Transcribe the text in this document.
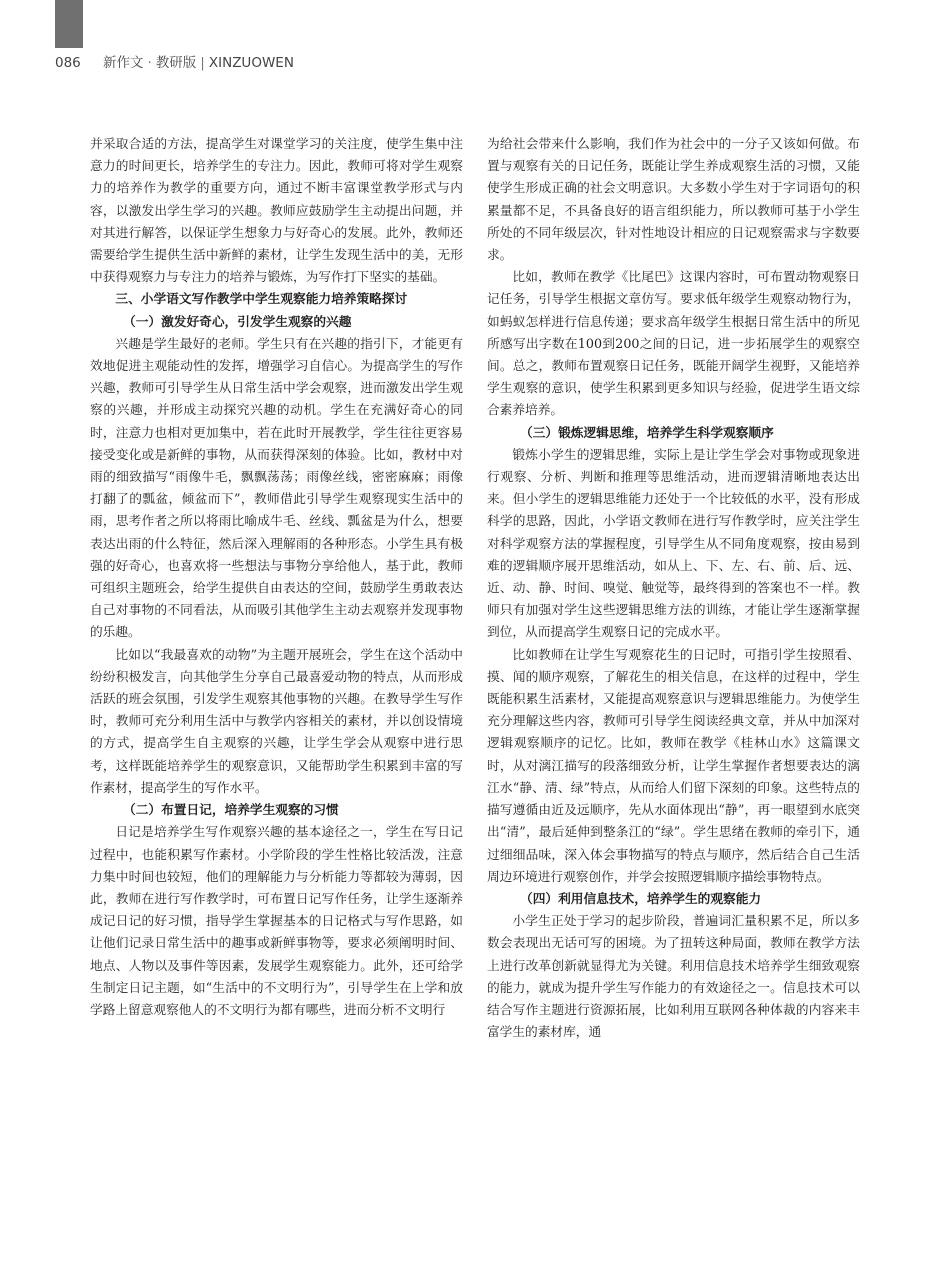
086 新作文 · 教研版 | XINZUOWEN

并采取合适的方法，提高学生对课堂学习的关注度，使学生集中注意力的时间更长，培养学生的专注力。因此，教师可将对学生观察力的培养作为教学的重要方向，通过不断丰富课堂教学形式与内容，以激发出学生学习的兴趣。教师应鼓励学生主动提出问题，并对其进行解答，以保证学生想象力与好奇心的发展。此外，教师还需要给学生提供生活中新鲜的素材，让学生发现生活中的美，无形中获得观察力与专注力的培养与锻炼，为写作打下坚实的基础。

三、小学语文写作教学中学生观察能力培养策略探讨

（一）激发好奇心，引发学生观察的兴趣

兴趣是学生最好的老师。学生只有在兴趣的指引下，才能更有效地促进主观能动性的发挥，增强学习自信心。为提高学生的写作兴趣，教师可引导学生从日常生活中学会观察，进而激发出学生观察的兴趣，并形成主动探究兴趣的动机。学生在充满好奇心的同时，注意力也相对更加集中，若在此时开展教学，学生往往更容易接受变化或是新鲜的事物，从而获得深刻的体验。比如，教材中对雨的细致描写“雨像牛毛，飘飘荡荡；雨像丝线，密密麻麻；雨像打翻了的瓢盆，倾盆而下”，教师借此引导学生观察现实生活中的雨，思考作者之所以将雨比喻成牛毛、丝线、瓢盆是为什么，想要表达出雨的什么特征，然后深入理解雨的各种形态。小学生具有极强的好奇心，也喜欢将一些想法与事物分享给他人，基于此，教师可组织主题班会，给学生提供自由表达的空间，鼓励学生勇敢表达自己对事物的不同看法，从而吸引其他学生主动去观察并发现事物的乐趣。

比如以“我最喜欢的动物”为主题开展班会，学生在这个活动中纷纷积极发言，向其他学生分享自己最喜爱动物的特点，从而形成活跃的班会氛围，引发学生观察其他事物的兴趣。在教导学生写作时，教师可充分利用生活中与教学内容相关的素材，并以创设情境的方式，提高学生自主观察的兴趣，让学生学会从观察中进行思考，这样既能培养学生的观察意识，又能帮助学生积累到丰富的写作素材，提高学生的写作水平。

（二）布置日记，培养学生观察的习惯

日记是培养学生写作观察兴趣的基本途径之一，学生在写日记过程中，也能积累写作素材。小学阶段的学生性格比较活泼，注意力集中时间也较短，他们的理解能力与分析能力等都较为薄弱，因此，教师在进行写作教学时，可布置日记写作任务，让学生逐渐养成记日记的好习惯，指导学生掌握基本的日记格式与写作思路，如让他们记录日常生活中的趣事或新鲜事物等，要求必须阐明时间、地点、人物以及事件等因素，发展学生观察能力。此外，还可给学生制定日记主题，如“生活中的不文明行为”，引导学生在上学和放学路上留意观察他人的不文明行为都有哪些，进而分析不文明行

为给社会带来什么影响，我们作为社会中的一分子又该如何做。布置与观察有关的日记任务，既能让学生养成观察生活的习惯，又能使学生形成正确的社会文明意识。大多数小学生对于字词语句的积累量都不足，不具备良好的语言组织能力，所以教师可基于小学生所处的不同年级层次，针对性地设计相应的日记观察需求与字数要求。

比如，教师在教学《比尾巴》这课内容时，可布置动物观察日记任务，引导学生根据文章仿写。要求低年级学生观察动物行为，如蚂蚁怎样进行信息传递；要求高年级学生根据日常生活中的所见所感写出字数在100到200之间的日记，进一步拓展学生的观察空间。总之，教师布置观察日记任务，既能开阔学生视野，又能培养学生观察的意识，使学生积累到更多知识与经验，促进学生语文综合素养培养。

（三）锻炼逻辑思维，培养学生科学观察顺序

锻炼小学生的逻辑思维，实际上是让学生学会对事物或现象进行观察、分析、判断和推理等思维活动，进而逻辑清晰地表达出来。但小学生的逻辑思维能力还处于一个比较低的水平，没有形成科学的思路，因此，小学语文教师在进行写作教学时，应关注学生对科学观察方法的掌握程度，引导学生从不同角度观察，按由易到难的逻辑顺序展开思维活动，如从上、下、左、右、前、后、远、近、动、静、时间、嗅觉、触觉等，最终得到的答案也不一样。教师只有加强对学生这些逻辑思维方法的训练，才能让学生逐渐掌握到位，从而提高学生观察日记的完成水平。

比如教师在让学生写观察花生的日记时，可指引学生按照看、摸、闻的顺序观察，了解花生的相关信息，在这样的过程中，学生既能积累生活素材，又能提高观察意识与逻辑思维能力。为使学生充分理解这些内容，教师可引导学生阅读经典文章，并从中加深对逻辑观察顺序的记忆。比如，教师在教学《桂林山水》这篇课文时，从对漓江描写的段落细致分析，让学生掌握作者想要表达的漓江水“静、清、绿”特点，从而给人们留下深刻的印象。这些特点的描写遵循由近及远顺序，先从水面体现出“静”，再一眼望到水底突出“清”，最后延伸到整条江的“绿”。学生思绪在教师的牵引下，通过细细品味，深入体会事物描写的特点与顺序，然后结合自己生活周边环境进行观察创作，并学会按照逻辑顺序描绘事物特点。

（四）利用信息技术，培养学生的观察能力

小学生正处于学习的起步阶段，普遍词汇量积累不足，所以多数会表现出无话可写的困境。为了扭转这种局面，教师在教学方法上进行改革创新就显得尤为关键。利用信息技术培养学生细致观察的能力，就成为提升学生写作能力的有效途径之一。信息技术可以结合写作主题进行资源拓展，比如利用互联网各种体裁的内容来丰富学生的素材库，通
